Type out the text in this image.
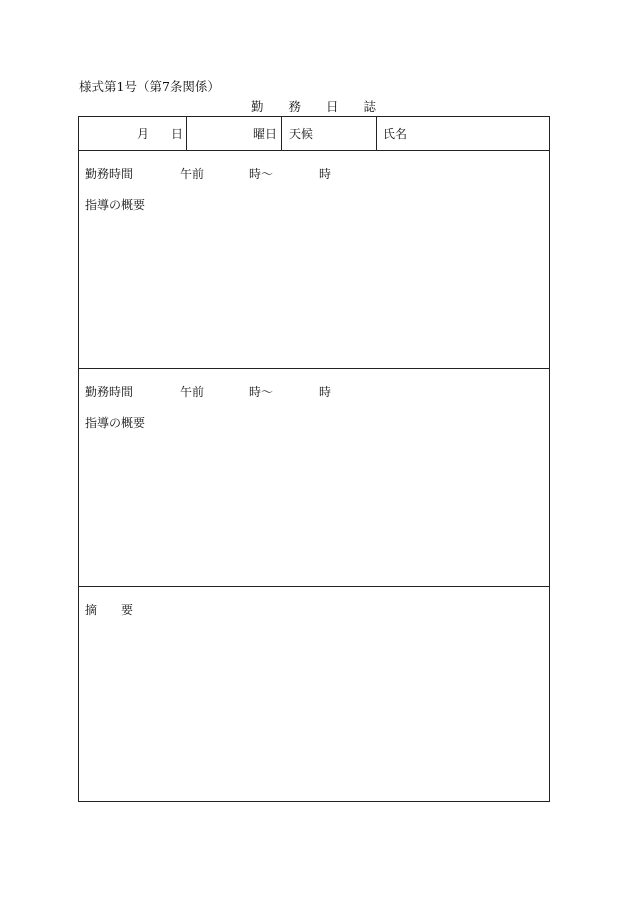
様式第1号（第7条関係）
勤 務 日 誌
月 日	曜日 天候	氏名
勤務時間	午前	時～	時
指導の概要
勤務時間	午前	時～	時
指導の概要
摘 要
